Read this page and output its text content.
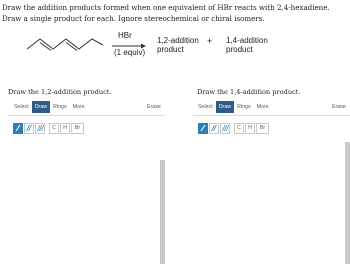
Draw the addition products formed when one equivalent of HBr reacts with 2,4-hexadiene. Draw a single product for each. Ignore stereochemical or chiral isomers.
HBr
(1 equiv)
1,2-addition
product
+ 1,4-addition
product
Draw the 1,2-addition product.
Select	Draw	Rings	More	Erase
C	H	Br
Draw the 1,4-addition product.
Select	Draw	Rings	More	Erase
C	H	Br
